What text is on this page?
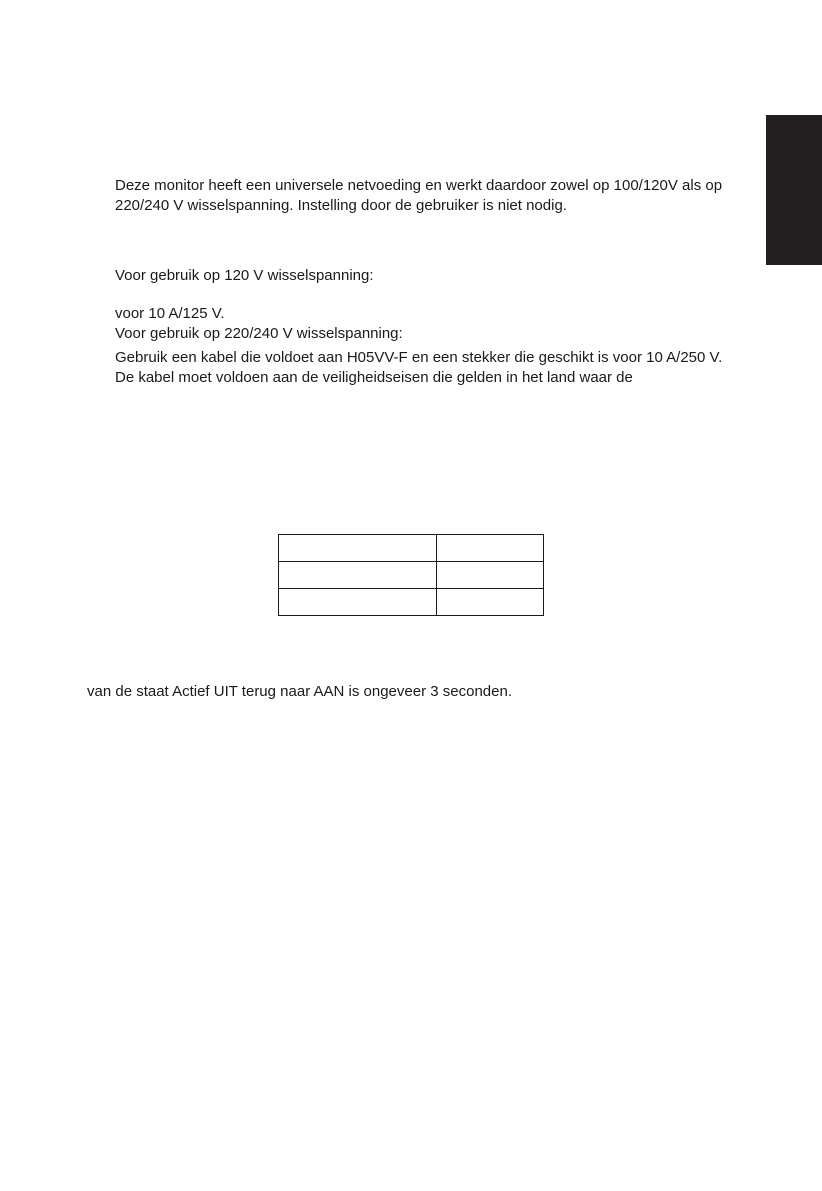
Deze monitor heeft een universele netvoeding en werkt daardoor zowel op 100/120V als op 220/240 V wisselspanning. Instelling door de gebruiker is niet nodig.
Voor gebruik op 120 V wisselspanning:
voor 10 A/125 V.
Voor gebruik op 220/240 V wisselspanning:
Gebruik een kabel die voldoet aan H05VV-F en een stekker die geschikt is voor 10 A/250 V. De kabel moet voldoen aan de veiligheidseisen die gelden in het land waar de

van de staat Actief UIT terug naar AAN is ongeveer 3 seconden.
